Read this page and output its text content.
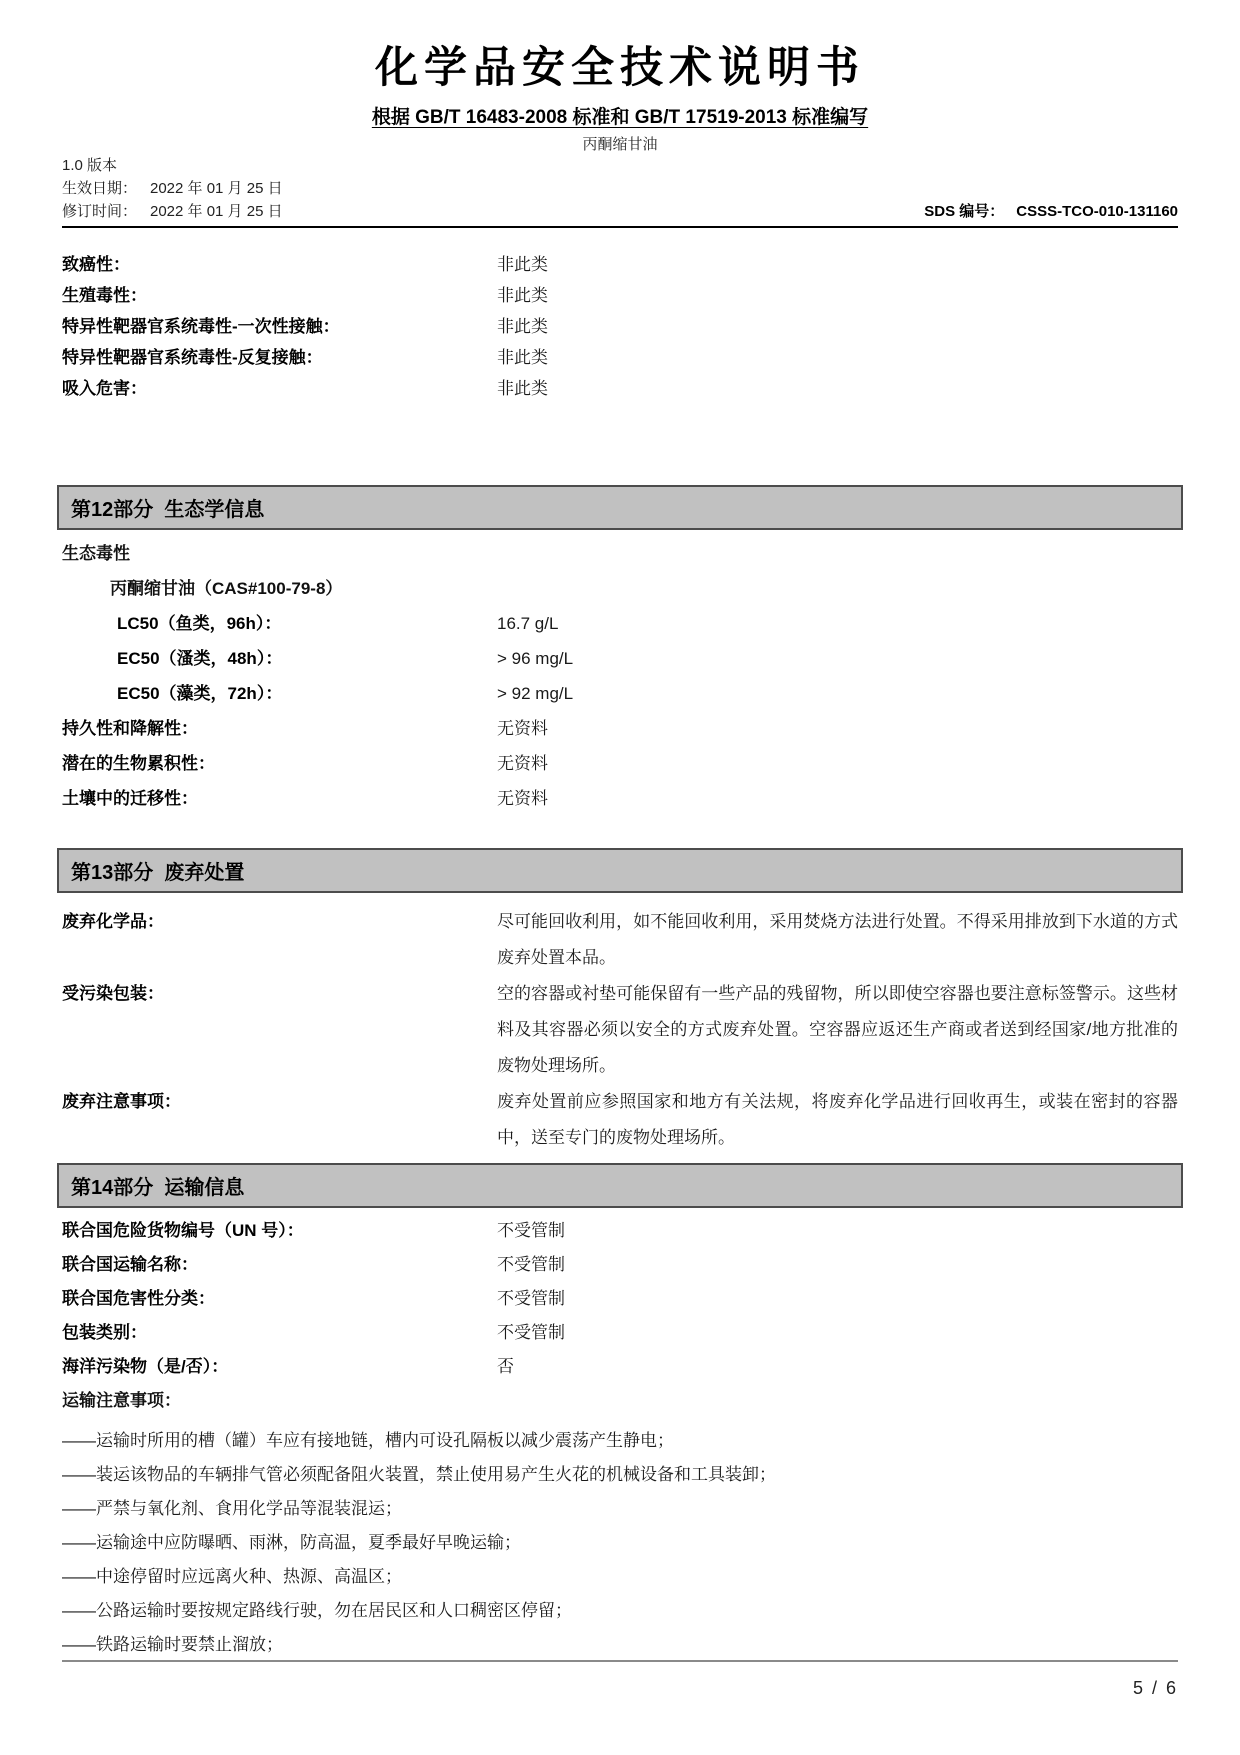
化学品安全技术说明书
根据 GB/T 16483-2008 标准和 GB/T 17519-2013 标准编写
丙酮缩甘油
1.0 版本
生效日期： 2022 年 01 月 25 日
修订时间： 2022 年 01 月 25 日	SDS 编号： CSSS-TCO-010-131160
致癌性：	非此类
生殖毒性：	非此类
特异性靶器官系统毒性-一次性接触：	非此类
特异性靶器官系统毒性-反复接触：	非此类
吸入危害：	非此类
第12部分  生态学信息
生态毒性
丙酮缩甘油（CAS#100-79-8）
LC50（鱼类，96h）：	16.7 g/L
EC50（溞类，48h）：	> 96 mg/L
EC50（藻类，72h）：	> 92 mg/L
持久性和降解性：	无资料
潜在的生物累积性：	无资料
土壤中的迁移性：	无资料
第13部分  废弃处置
废弃化学品：	尽可能回收利用，如不能回收利用，采用焚烧方法进行处置。不得采用排放到下水道的方式废弃处置本品。
受污染包装：	空的容器或衬垫可能保留有一些产品的残留物，所以即使空容器也要注意标签警示。这些材料及其容器必须以安全的方式废弃处置。空容器应返还生产商或者送到经国家/地方批准的废物处理场所。
废弃注意事项：	废弃处置前应参照国家和地方有关法规，将废弃化学品进行回收再生，或装在密封的容器中，送至专门的废物处理场所。
第14部分  运输信息
联合国危险货物编号（UN 号）：	不受管制
联合国运输名称：	不受管制
联合国危害性分类：	不受管制
包装类别：	不受管制
海洋污染物（是/否）：	否
运输注意事项：
——运输时所用的槽（罐）车应有接地链，槽内可设孔隔板以减少震荡产生静电；
——装运该物品的车辆排气管必须配备阻火装置，禁止使用易产生火花的机械设备和工具装卸；
——严禁与氧化剂、食用化学品等混装混运；
——运输途中应防曝晒、雨淋，防高温，夏季最好早晚运输；
——中途停留时应远离火种、热源、高温区；
——公路运输时要按规定路线行驶，勿在居民区和人口稠密区停留；
——铁路运输时要禁止溜放；
5 / 6
